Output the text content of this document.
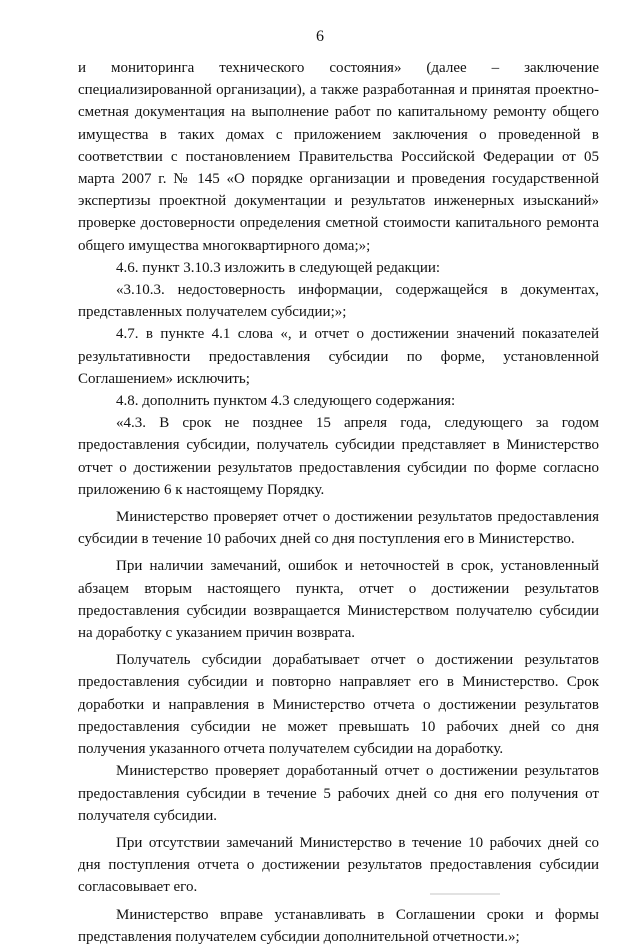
6

и мониторинга технического состояния» (далее – заключение специализированной организации), а также разработанная и принятая проектно-сметная документация на выполнение работ по капитальному ремонту общего имущества в таких домах с приложением заключения о проведенной в соответствии с постановлением Правительства Российской Федерации от 05 марта 2007 г. № 145 «О порядке организации и проведения государственной экспертизы проектной документации и результатов инженерных изысканий» проверке достоверности определения сметной стоимости капитального ремонта общего имущества многоквартирного дома;»;

4.6. пункт 3.10.3 изложить в следующей редакции:

«3.10.3. недостоверность информации, содержащейся в документах, представленных получателем субсидии;»;

4.7. в пункте 4.1 слова «, и отчет о достижении значений показателей результативности предоставления субсидии по форме, установленной Соглашением» исключить;

4.8. дополнить пунктом 4.3 следующего содержания:

«4.3. В срок не позднее 15 апреля года, следующего за годом предоставления субсидии, получатель субсидии представляет в Министерство отчет о достижении результатов предоставления субсидии по форме согласно приложению 6 к настоящему Порядку.

Министерство проверяет отчет о достижении результатов предоставления субсидии в течение 10 рабочих дней со дня поступления его в Министерство.

При наличии замечаний, ошибок и неточностей в срок, установленный абзацем вторым настоящего пункта, отчет о достижении результатов предоставления субсидии возвращается Министерством получателю субсидии на доработку с указанием причин возврата.

Получатель субсидии дорабатывает отчет о достижении результатов предоставления субсидии и повторно направляет его в Министерство. Срок доработки и направления в Министерство отчета о достижении результатов предоставления субсидии не может превышать 10 рабочих дней со дня получения указанного отчета получателем субсидии на доработку.

Министерство проверяет доработанный отчет о достижении результатов предоставления субсидии в течение 5 рабочих дней со дня его получения от получателя субсидии.

При отсутствии замечаний Министерство в течение 10 рабочих дней со дня поступления отчета о достижении результатов предоставления субсидии согласовывает его.

Министерство вправе устанавливать в Соглашении сроки и формы представления получателем субсидии дополнительной отчетности.»;
